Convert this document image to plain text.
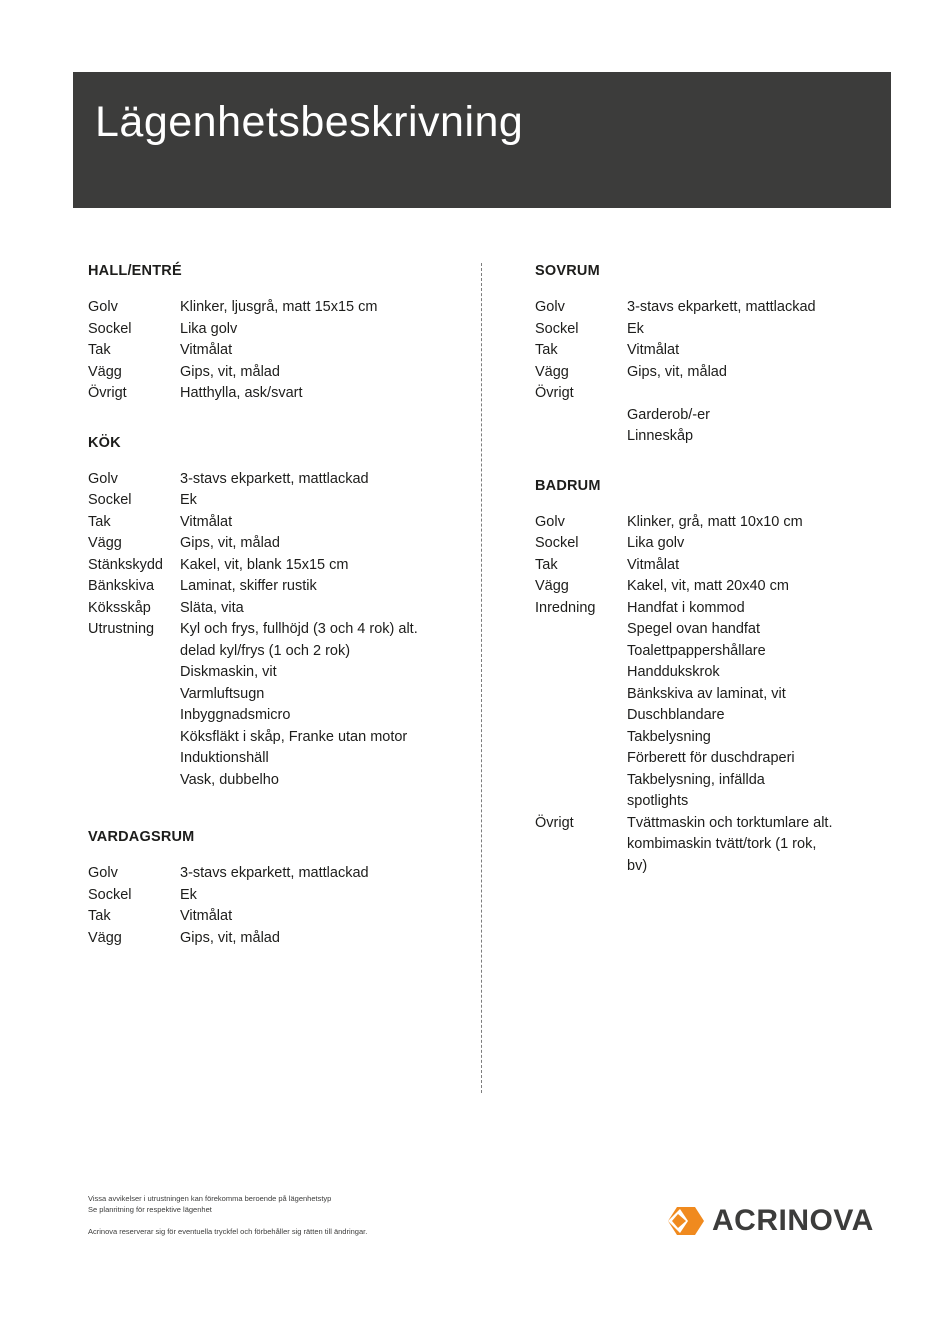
Lägenhetsbeskrivning
HALL/ENTRÉ
Golv	Klinker, ljusgrå, matt 15x15 cm
Sockel	Lika golv
Tak	Vitmålat
Vägg	Gips, vit, målad
Övrigt	Hatthylla, ask/svart
KÖK
Golv	3-stavs ekparkett, mattlackad
Sockel	Ek
Tak	Vitmålat
Vägg	Gips, vit, målad
Stänkskydd	Kakel, vit, blank 15x15 cm
Bänkskiva	Laminat, skiffer rustik
Köksskåp	Släta, vita
Utrustning	Kyl och frys, fullhöjd (3 och 4 rok) alt.
delad kyl/frys (1 och 2 rok)
Diskmaskin, vit
Varmluftsugn
Inbyggnadsmicro
Köksfläkt i skåp, Franke utan motor
Induktionshäll
Vask, dubbelho
VARDAGSRUM
Golv	3-stavs ekparkett, mattlackad
Sockel	Ek
Tak	Vitmålat
Vägg	Gips, vit, målad
SOVRUM
Golv	3-stavs ekparkett, mattlackad
Sockel	Ek
Tak	Vitmålat
Vägg	Gips, vit, målad
Övrigt	Garderob/-er
Linneskåp
BADRUM
Golv	Klinker, grå, matt 10x10 cm
Sockel	Lika golv
Tak	Vitmålat
Vägg	Kakel, vit, matt 20x40 cm
Inredning	Handfat i kommod
Spegel ovan handfat
Toalettpappershållare
Handdukskrok
Bänkskiva av laminat, vit
Duschblandare
Takbelysning
Förberett för duschdraperi
Takbelysning, infällda
spotlights

Övrigt	Tvättmaskin och torktumlare alt.
kombimaskin tvätt/tork (1 rok,
bv)
Vissa avvikelser i utrustningen kan förekomma beroende på lägenhetstyp
Se planritning för respektive lägenhet
Acrinova reserverar sig för eventuella tryckfel och förbehåller sig rätten till ändringar.	ACRINOVA
